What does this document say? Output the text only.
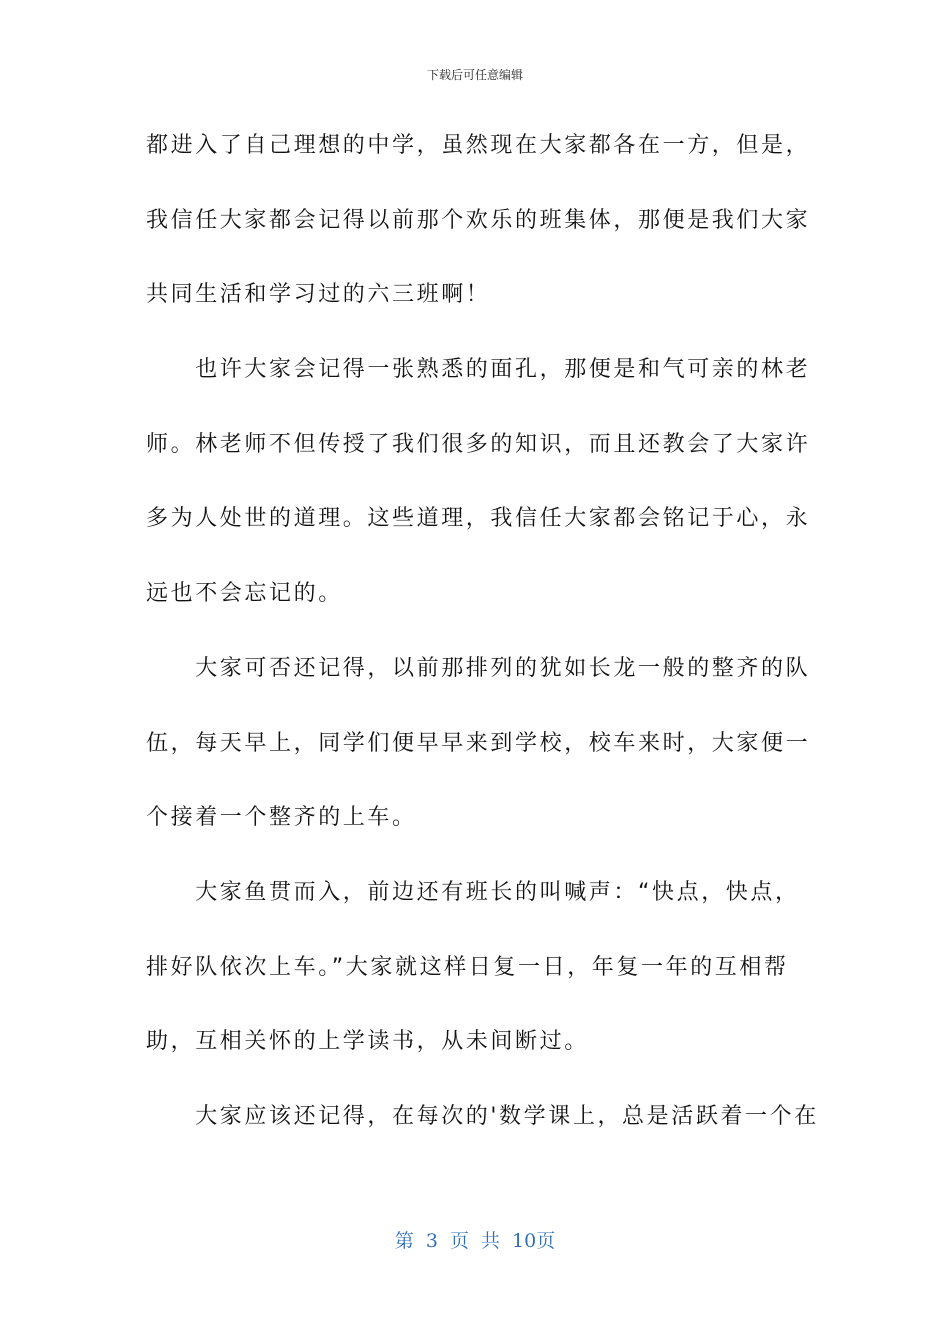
下载后可任意编辑
都进入了自己理想的中学，虽然现在大家都各在一方，但是，
我信任大家都会记得以前那个欢乐的班集体，那便是我们大家
共同生活和学习过的六三班啊！
　　也许大家会记得一张熟悉的面孔，那便是和气可亲的林老
师。林老师不但传授了我们很多的知识，而且还教会了大家许
多为人处世的道理。这些道理，我信任大家都会铭记于心，永
远也不会忘记的。
　　大家可否还记得，以前那排列的犹如长龙一般的整齐的队
伍，每天早上，同学们便早早来到学校，校车来时，大家便一
个接着一个整齐的上车。
　　大家鱼贯而入，前边还有班长的叫喊声：“快点，快点，
排好队依次上车。”大家就这样日复一日，年复一年的互相帮
助，互相关怀的上学读书，从未间断过。
　　大家应该还记得，在每次的'数学课上，总是活跃着一个在
第 3 页 共 10页
